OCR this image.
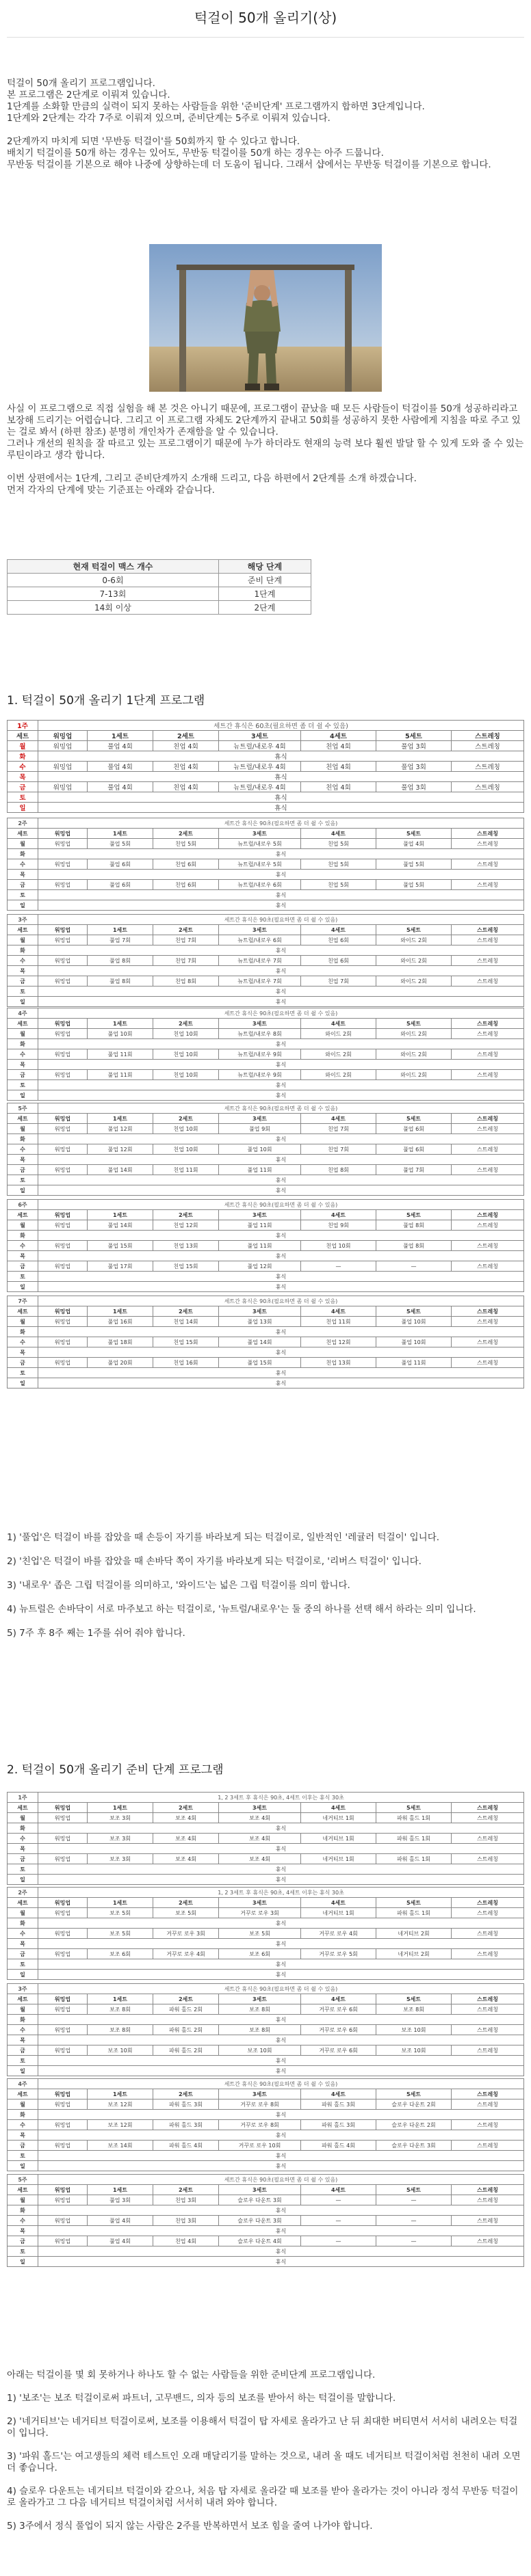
턱걸이 50개 올리기(상)
턱걸이 50개 올리기 프로그램입니다.
본 프로그램은 2단계로 이뤄져 있습니다.
1단계를 소화할 만큼의 실력이 되지 못하는 사람들을 위한 '준비단계' 프로그램까지 합하면 3단계입니다.
1단계와 2단계는 각각 7주로 이뤄져 있으며, 준비단계는 5주로 이뤄져 있습니다.
2단계까지 마치게 되면 '무반동 턱걸이'를 50회까지 할 수 있다고 합니다.
배치기 턱걸이를 50개 하는 경우는 있어도, 무반동 턱걸이를 50개 하는 경우는 아주 드뭅니다.
무반동 턱걸이를 기본으로 해야 나중에 상향하는데 더 도움이 됩니다. 그래서 샵에서는 무반동 턱걸이를 기본으로 합니다.
사실 이 프로그램으로 직접 실험을 해 본 것은 아니기 때문에, 프로그램이 끝났을 때 모든 사람들이 턱걸이를 50개 성공하리라고 보장해 드리기는 어렵습니다. 그리고 이 프로그램 자체도 2단계까지 끝내고 50회를 성공하지 못한 사람에게 지침을 따로 주고 있는 걸로 봐서 (하편 참조) 분명히 개인차가 존재함을 알 수 있습니다.
그러나 개선의 원칙을 잘 따르고 있는 프로그램이기 때문에 누가 하더라도 현재의 능력 보다 훨씬 발달 할 수 있게 도와 줄 수 있는 루틴이라고 생각 합니다.
이번 상편에서는 1단계, 그리고 준비단계까지 소개해 드리고, 다음 하편에서 2단계를 소개 하겠습니다.
먼저 각자의 단계에 맞는 기준표는 아래와 같습니다.
현재 턱걸이 맥스 개수	해당 단계
0-6회	준비 단계
7-13회	1단계
14회 이상	2단계
1. 턱걸이 50개 올리기 1단계 프로그램
1주	세트간 휴식은 60초(필요하면 좀 더 쉴 수 있음)						
세트	워밍업	1세트	2세트	3세트	4세트	5세트	스트레칭
월	워밍업	풀업 4회	친업 4회	뉴트럴/내로우 4회	친업 4회	풀업 3회	스트레칭
화	휴식						
수	워밍업	풀업 4회	친업 4회	뉴트럴/내로우 4회	친업 4회	풀업 3회	스트레칭
목	휴식						
금	워밍업	풀업 4회	친업 4회	뉴트럴/내로우 4회	친업 4회	풀업 3회	스트레칭
토	휴식						
일	휴식						
2주	세트간 휴식은 90초(필요하면 좀 더 쉴 수 있음)						
세트	워밍업	1세트	2세트	3세트	4세트	5세트	스트레칭
월	워밍업	풀업 5회	친업 5회	뉴트럴/내로우 5회	친업 5회	풀업 4회	스트레칭
화	휴식						
수	워밍업	풀업 6회	친업 6회	뉴트럴/내로우 5회	친업 5회	풀업 5회	스트레칭
목	휴식						
금	워밍업	풀업 6회	친업 6회	뉴트럴/내로우 6회	친업 5회	풀업 5회	스트레칭
토	휴식						
일	휴식						
3주	세트간 휴식은 90초(필요하면 좀 더 쉴 수 있음)						
세트	워밍업	1세트	2세트	3세트	4세트	5세트	스트레칭
월	워밍업	풀업 7회	친업 7회	뉴트럴/내로우 6회	친업 6회	와이드 2회	스트레칭
화	휴식						
수	워밍업	풀업 8회	친업 7회	뉴트럴/내로우 7회	친업 6회	와이드 2회	스트레칭
목	휴식						
금	워밍업	풀업 8회	친업 8회	뉴트럴/내로우 7회	친업 7회	와이드 2회	스트레칭
토	휴식						
일	휴식						
4주	세트간 휴식은 90초(필요하면 좀 더 쉴 수 있음)						
세트	워밍업	1세트	2세트	3세트	4세트	5세트	스트레칭
월	워밍업	풀업 10회	친업 10회	뉴트럴/내로우 8회	와이드 2회	와이드 2회	스트레칭
화	휴식						
수	워밍업	풀업 11회	친업 10회	뉴트럴/내로우 9회	와이드 2회	와이드 2회	스트레칭
목	휴식						
금	워밍업	풀업 11회	친업 10회	뉴트럴/내로우 9회	와이드 2회	와이드 2회	스트레칭
토	휴식						
일	휴식						
5주	세트간 휴식은 90초(필요하면 좀 더 쉴 수 있음)						
세트	워밍업	1세트	2세트	3세트	4세트	5세트	스트레칭
월	워밍업	풀업 12회	친업 10회	풀업 9회	친업 7회	풀업 6회	스트레칭
화	휴식						
수	워밍업	풀업 12회	친업 10회	풀업 10회	친업 7회	풀업 6회	스트레칭
목	휴식						
금	워밍업	풀업 14회	친업 11회	풀업 11회	친업 8회	풀업 7회	스트레칭
토	휴식						
일	휴식						
6주	세트간 휴식은 90초(필요하면 좀 더 쉴 수 있음)						
세트	워밍업	1세트	2세트	3세트	4세트	5세트	스트레칭
월	워밍업	풀업 14회	친업 12회	풀업 11회	친업 9회	풀업 8회	스트레칭
화	휴식						
수	워밍업	풀업 15회	친업 13회	풀업 11회	친업 10회	풀업 8회	스트레칭
목	휴식						
금	워밍업	풀업 17회	친업 15회	풀업 12회	—	—	스트레칭
토	휴식						
일	휴식						
7주	세트간 휴식은 90초(필요하면 좀 더 쉴 수 있음)						
세트	워밍업	1세트	2세트	3세트	4세트	5세트	스트레칭
월	워밍업	풀업 16회	친업 14회	풀업 13회	친업 11회	풀업 10회	스트레칭
화	휴식						
수	워밍업	풀업 18회	친업 15회	풀업 14회	친업 12회	풀업 10회	스트레칭
목	휴식						
금	워밍업	풀업 20회	친업 16회	풀업 15회	친업 13회	풀업 11회	스트레칭
토	휴식						
일	휴식						
1) '풀업'은 턱걸이 바를 잡았을 때 손등이 자기를 바라보게 되는 턱걸이로, 일반적인 '레귤러 턱걸이' 입니다.
2) '친업'은 턱걸이 바를 잡았을 때 손바닥 쪽이 자기를 바라보게 되는 턱걸이로, '리버스 턱걸이' 입니다.
3) '내로우' 좁은 그립 턱걸이를 의미하고, '와이드'는 넓은 그립 턱걸이를 의미 합니다.
4) 뉴트럴은 손바닥이 서로 마주보고 하는 턱걸이로, '뉴트럴/내로우'는 둘 중의 하나를 선택 해서 하라는 의미 입니다.
5) 7주 후 8주 째는 1주를 쉬어 줘야 합니다.
2. 턱걸이 50개 올리기 준비 단계 프로그램
1주	1, 2 3세트 후 휴식은 90초, 4세트 이후는 휴식 30초						
세트	워밍업	1세트	2세트	3세트	4세트	5세트	스트레칭
월	워밍업	보조 3회	보조 4회	보조 4회	네거티브 1회	파워 홀드 1회	스트레칭
화	휴식						
수	워밍업	보조 3회	보조 4회	보조 4회	네거티브 1회	파워 홀드 1회	스트레칭
목	휴식						
금	워밍업	보조 3회	보조 4회	보조 4회	네거티브 1회	파워 홀드 1회	스트레칭
토	휴식						
일	휴식						
2주	1, 2 3세트 후 휴식은 90초, 4세트 이후는 휴식 30초						
세트	워밍업	1세트	2세트	3세트	4세트	5세트	스트레칭
월	워밍업	보조 5회	보조 5회	거꾸로 로우 3회	네거티브 1회	파워 홀드 1회	스트레칭
화	휴식						
수	워밍업	보조 5회	거꾸로 로우 3회	보조 5회	거꾸로 로우 4회	네거티브 2회	스트레칭
목	휴식						
금	워밍업	보조 6회	거꾸로 로우 4회	보조 6회	거꾸로 로우 5회	네거티브 2회	스트레칭
토	휴식						
일	휴식						
3주	세트간 휴식은 90초(필요하면 좀 더 쉴 수 있음)						
세트	워밍업	1세트	2세트	3세트	4세트	5세트	스트레칭
월	워밍업	보조 8회	파워 홀드 2회	보조 8회	거꾸로 로우 6회	보조 8회	스트레칭
화	휴식						
수	워밍업	보조 8회	파워 홀드 2회	보조 8회	거꾸로 로우 6회	보조 10회	스트레칭
목	휴식						
금	워밍업	보조 10회	파워 홀드 2회	보조 10회	거꾸로 로우 6회	보조 10회	스트레칭
토	휴식						
일	휴식						
4주	세트간 휴식은 90초(필요하면 좀 더 쉴 수 있음)						
세트	워밍업	1세트	2세트	3세트	4세트	5세트	스트레칭
월	워밍업	보조 12회	파워 홀드 3회	거꾸로 로우 8회	파워 홀드 3회	슬로우 다운트 2회	스트레칭
화	휴식						
수	워밍업	보조 12회	파워 홀드 3회	거꾸로 로우 8회	파워 홀드 3회	슬로우 다운트 2회	스트레칭
목	휴식						
금	워밍업	보조 14회	파워 홀드 4회	거꾸로 로우 10회	파워 홀드 4회	슬로우 다운트 3회	스트레칭
토	휴식						
일	휴식						
5주	세트간 휴식은 90초(필요하면 좀 더 쉴 수 있음)						
세트	워밍업	1세트	2세트	3세트	4세트	5세트	스트레칭
월	워밍업	풀업 3회	친업 3회	슬로우 다운트 3회	—	—	스트레칭
화	휴식						
수	워밍업	풀업 4회	친업 3회	슬로우 다운트 3회	—	—	스트레칭
목	휴식						
금	워밍업	풀업 4회	친업 4회	슬로우 다운트 4회	—	—	스트레칭
토	휴식						
일	휴식						
아래는 턱걸이를 몇 회 못하거나 하나도 할 수 없는 사람들을 위한 준비단계 프로그램입니다.
1) '보조'는 보조 턱걸이로써 파트너, 고무밴드, 의자 등의 보조를 받아서 하는 턱걸이를 말합니다.
2) '네거티브'는 네거티브 턱걸이로써, 보조를 이용해서 턱걸이 탑 자세로 올라가고 난 뒤 최대한 버티면서 서서히 내려오는 턱걸이 입니다.
3) '파워 홀드'는 여고생들의 체력 테스트인 오래 매달리기를 말하는 것으로, 내려 올 때도 네거티브 턱걸이처럼 천천히 내려 오면 더 좋습니다.
4) 슬로우 다운트는 네거티브 턱걸이와 같으나, 처음 탑 자세로 올라갈 때 보조를 받아 올라가는 것이 아니라 정석 무반동 턱걸이로 올라가고 그 다음 네거티브 턱걸이처럼 서서히 내려 와야 합니다.
5) 3주에서 정식 풀업이 되지 않는 사람은 2주를 반복하면서 보조 힘을 줄여 나가야 합니다.
